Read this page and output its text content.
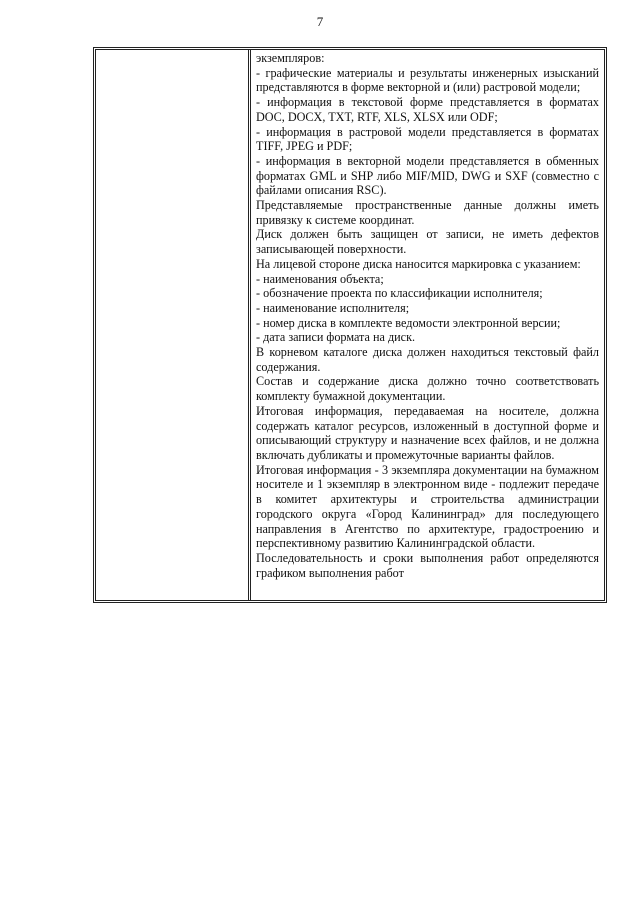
7

экземпляров:

- графические материалы и результаты инженерных изысканий представляются в форме векторной и (или) растровой модели;

- информация в текстовой форме представляется в форматах DOC, DOCX, TXT, RTF, XLS, XLSX или ODF;

- информация в растровой модели представляется в форматах TIFF, JPEG и PDF;

- информация в векторной модели представляется в обменных форматах GML и SHP либо MIF/MID, DWG и SXF (совместно с файлами описания RSC).

Представляемые пространственные данные должны иметь привязку к системе координат.

Диск должен быть защищен от записи, не иметь дефектов записывающей поверхности.

На лицевой стороне диска наносится маркировка с указанием:

- наименования объекта;

- обозначение проекта по классификации исполнителя;

- наименование исполнителя;

- номер диска в комплекте ведомости электронной версии;

- дата записи формата на диск.

В корневом каталоге диска должен находиться текстовый файл содержания.

Состав и содержание диска должно точно соответствовать комплекту бумажной документации.

Итоговая информация, передаваемая на носителе, должна содержать каталог ресурсов, изложенный в доступной форме и описывающий структуру и назначение всех файлов, и не должна включать дубликаты и промежуточные варианты файлов.

Итоговая информация - 3 экземпляра документации на бумажном носителе и 1 экземпляр в электронном виде - подлежит передаче в комитет архитектуры и строительства администрации городского округа «Город Калининград» для последующего направления в Агентство по архитектуре, градостроению и перспективному развитию Калининградской области.

Последовательность и сроки выполнения работ определяются графиком выполнения работ
